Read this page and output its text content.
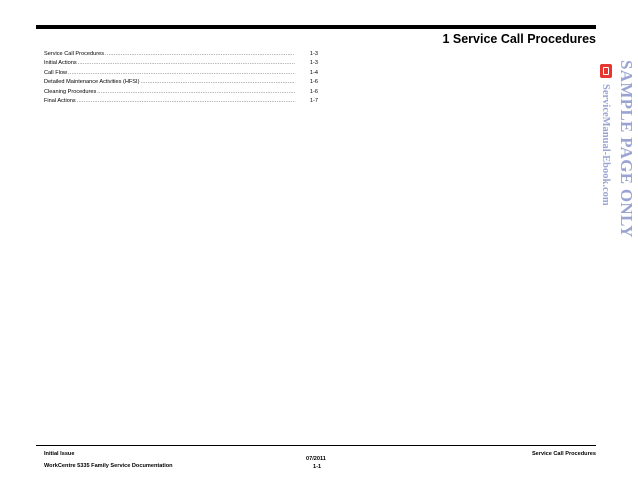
1 Service Call Procedures
Service Call Procedures .....	1-3
Initial Actions .....	1-3
Call Flow .....	1-4
Detailed Maintenance Activities (HFSI) .....	1-6
Cleaning Procedures .....	1-6
Final Actions .....	1-7	SAMPLE PAGE ONLY
ServiceManual-Ebook.com
Initial Issue
WorkCentre 5335 Family Service Documentation
07/2011
1-1
Service Call Procedures
